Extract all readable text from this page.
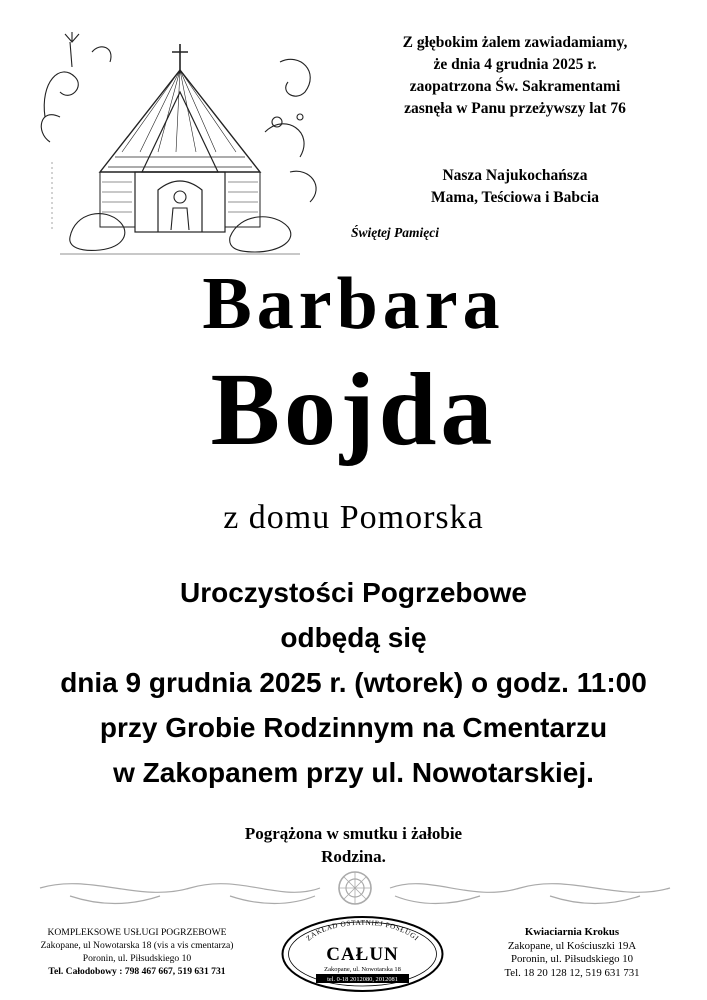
Z głębokim żalem zawiadamiamy,
że dnia 4 grudnia 2025 r.
zaopatrzona Św. Sakramentami
zasnęła w Panu przeżywszy lat 76
Nasza Najukochańsza
Mama, Teściowa i Babcia
Świętej Pamięci
Barbara
Bojda
z domu Pomorska
Uroczystości Pogrzebowe
odbędą się
dnia 9 grudnia 2025 r. (wtorek) o godz. 11:00
przy Grobie Rodzinnym na Cmentarzu
w Zakopanem przy ul. Nowotarskiej.
Pogrążona w smutku i żałobie
Rodzina.
KOMPLEKSOWE USŁUGI POGRZEBOWE
Zakopane, ul Nowotarska 18 (vis a vis cmentarza)
Poronin, ul. Piłsudskiego 10
Tel. Całodobowy : 798 467 667, 519 631 731
ZAKŁAD OSTATNIEJ POSŁUGI
CAŁUN
Zakopane, ul. Nowotarska 18
tel. 0-18 2012080, 2012081
Kwiaciarnia Krokus
Zakopane, ul Kościuszki 19A
Poronin, ul. Piłsudskiego 10
Tel. 18 20 128 12, 519 631 731
